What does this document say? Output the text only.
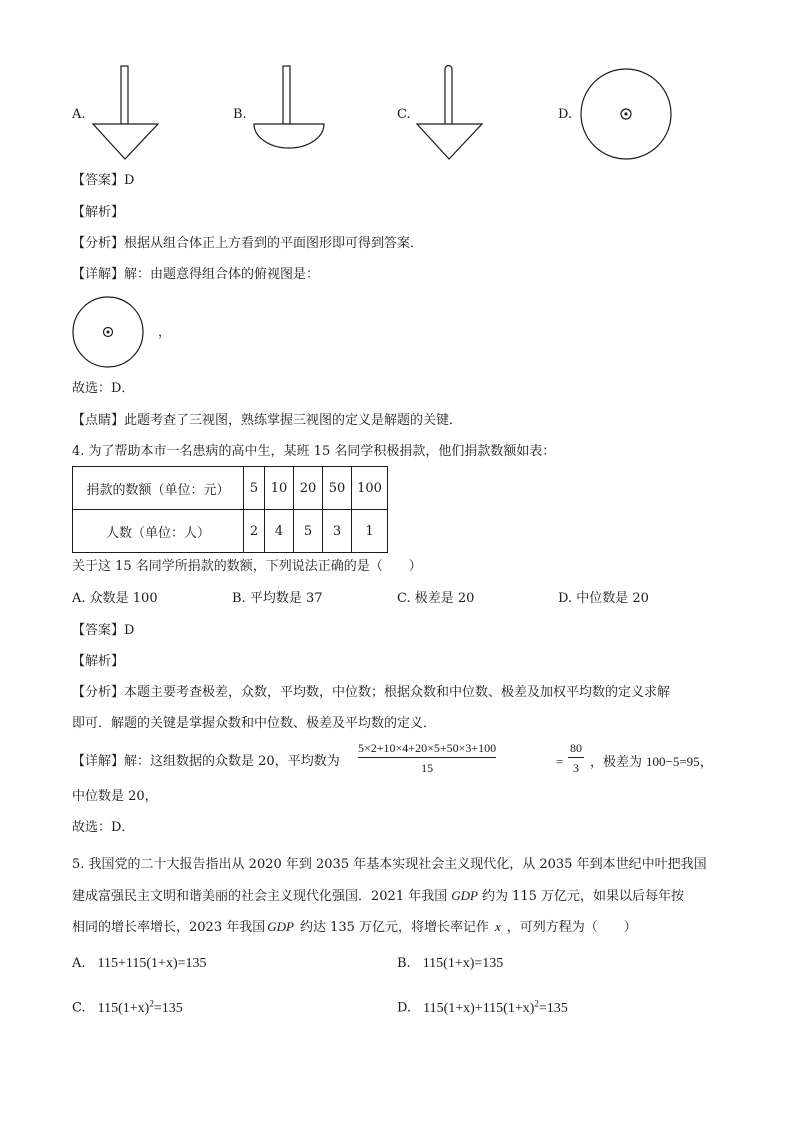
A.	B.	C.	D.
【答案】D
【解析】
【分析】根据从组合体正上方看到的平面图形即可得到答案．
【详解】解：由题意得组合体的俯视图是：
，
故选：D．
【点睛】此题考查了三视图，熟练掌握三视图的定义是解题的关键．
4. 为了帮助本市一名患病的高中生，某班 15 名同学积极捐款，他们捐款数额如表：
捐款的数额（单位：元）	5	10	20	50	100
人数（单位：人）	2	4	5	3	1
关于这 15 名同学所捐款的数额，下列说法正确的是（　　）
A. 众数是 100	B. 平均数是 37	C. 极差是 20	D. 中位数是 20
【答案】D
【解析】
【分析】本题主要考查极差，众数，平均数，中位数；根据众数和中位数、极差及加权平均数的定义求解
即可．解题的关键是掌握众数和中位数、极差及平均数的定义．
【详解】解：这组数据的众数是 20，平均数为
5×2+10×4+20×5+50×3+100
15	=
80
3 ，极差为 100−5=95，
中位数是 20，
故选：D．
5. 我国党的二十大报告指出从 2020 年到 2035 年基本实现社会主义现代化，从 2035 年到本世纪中叶把我国
建成富强民主文明和谐美丽的社会主义现代化强国．2021 年我国 GDP 约为 115 万亿元，如果以后每年按
相同的增长率增长，2023 年我国 GDP 约达 135 万亿元，将增长率记作 x ，可列方程为（　　）
A. 115+115(1+x)=135	B. 115(1+x)=135
C. $115(1+x)^2=135$	D. $115(1+x)+115(1+x)^2=135$
